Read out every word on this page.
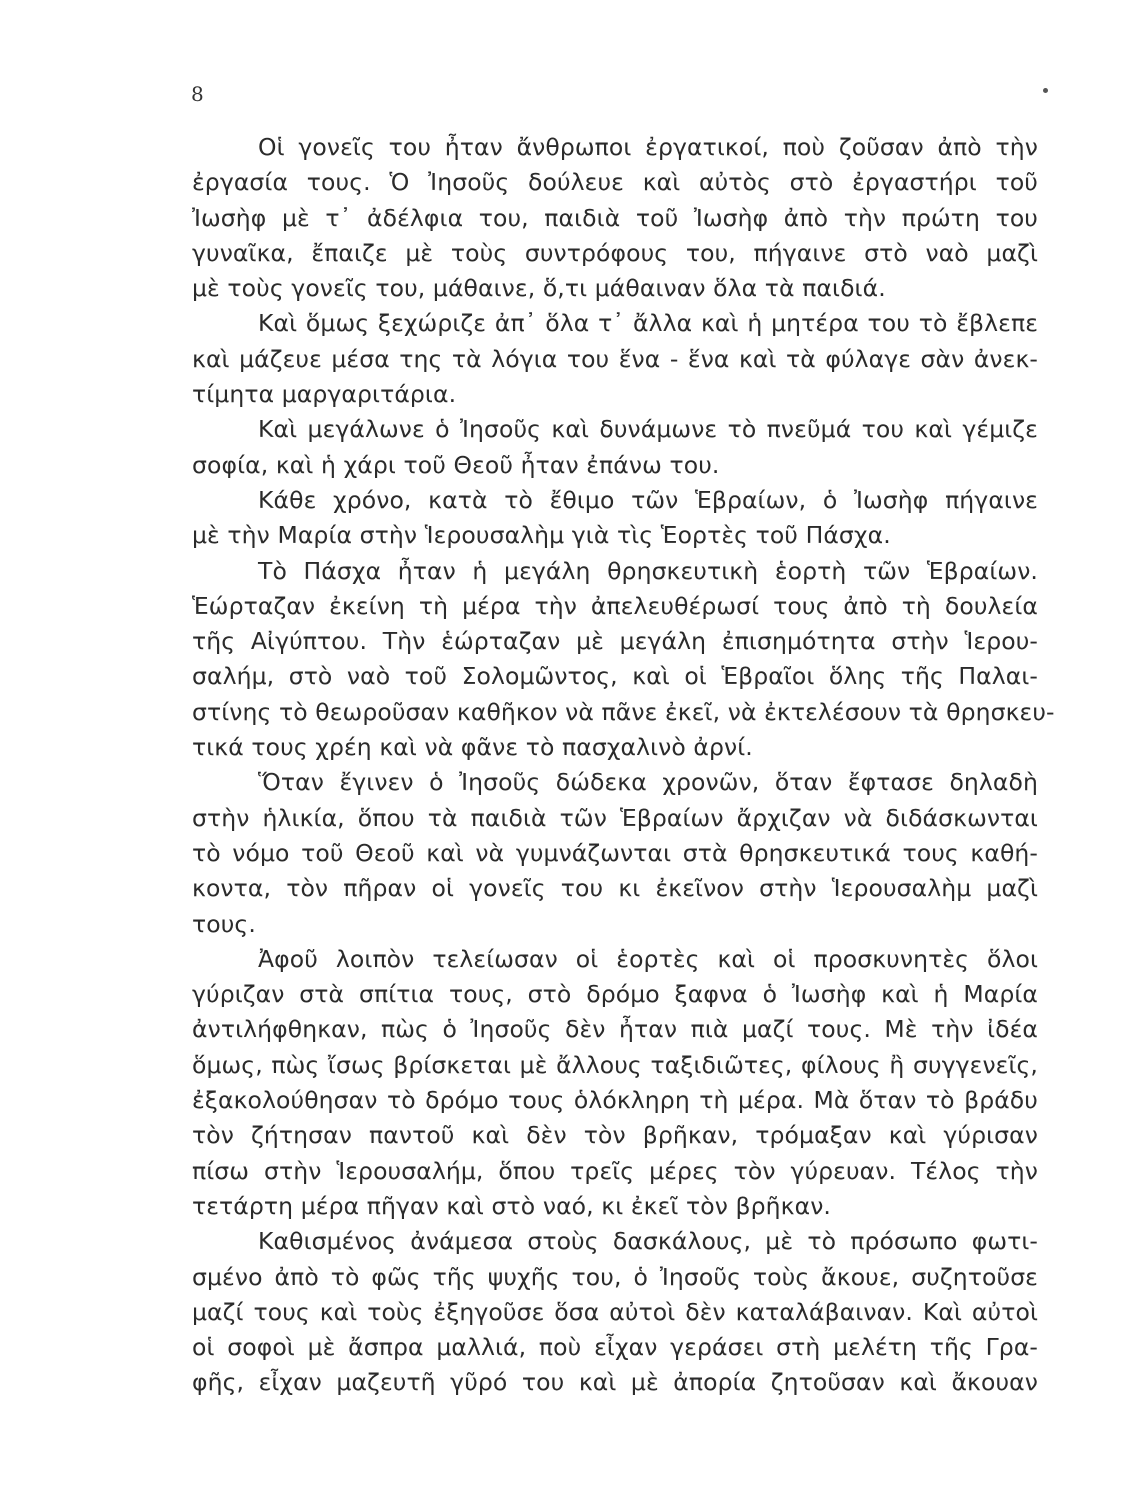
8
Οἱ γονεῖς του ἦταν ἄνθρωποι ἐργατικοί, ποὺ ζοῦσαν ἀπὸ τὴν
ἐργασία τους. Ὁ Ἰησοῦς δούλευε καὶ αὐτὸς στὸ ἐργαστήρι τοῦ
Ἰωσὴφ μὲ τ᾽ ἀδέλφια του, παιδιὰ τοῦ Ἰωσὴφ ἀπὸ τὴν πρώτη του
γυναῖκα, ἔπαιζε μὲ τοὺς συντρόφους του, πήγαινε στὸ ναὸ μαζὶ
μὲ τοὺς γονεῖς του, μάθαινε, ὅ,τι μάθαιναν ὅλα τὰ παιδιά.
Καὶ ὅμως ξεχώριζε ἀπ᾽ ὅλα τ᾽ ἄλλα καὶ ἡ μητέρα του τὸ ἔβλεπε
καὶ μάζευε μέσα της τὰ λόγια του ἕνα - ἕνα καὶ τὰ φύλαγε σὰν ἀνεκ-
τίμητα μαργαριτάρια.
Καὶ μεγάλωνε ὁ Ἰησοῦς καὶ δυνάμωνε τὸ πνεῦμά του καὶ γέμιζε
σοφία, καὶ ἡ χάρι τοῦ Θεοῦ ἦταν ἐπάνω του.
Κάθε χρόνο, κατὰ τὸ ἔθιμο τῶν Ἑβραίων, ὁ Ἰωσὴφ πήγαινε
μὲ τὴν Μαρία στὴν Ἱερουσαλὴμ γιὰ τὶς Ἑορτὲς τοῦ Πάσχα.
Τὸ Πάσχα ἦταν ἡ μεγάλη θρησκευτικὴ ἑορτὴ τῶν Ἑβραίων.
Ἑώρταζαν ἐκείνη τὴ μέρα τὴν ἀπελευθέρωσί τους ἀπὸ τὴ δουλεία
τῆς Αἰγύπτου. Τὴν ἑώρταζαν μὲ μεγάλη ἐπισημότητα στὴν Ἱερου-
σαλήμ, στὸ ναὸ τοῦ Σολομῶντος, καὶ οἱ Ἑβραῖοι ὅλης τῆς Παλαι-
στίνης τὸ θεωροῦσαν καθῆκον νὰ πᾶνε ἐκεῖ, νὰ ἐκτελέσουν τὰ θρησκευ-
τικά τους χρέη καὶ νὰ φᾶνε τὸ πασχαλινὸ ἀρνί.
Ὅταν ἔγινεν ὁ Ἰησοῦς δώδεκα χρονῶν, ὅταν ἔφτασε δηλαδὴ
στὴν ἡλικία, ὅπου τὰ παιδιὰ τῶν Ἑβραίων ἄρχιζαν νὰ διδάσκωνται
τὸ νόμο τοῦ Θεοῦ καὶ νὰ γυμνάζωνται στὰ θρησκευτικά τους καθή-
κοντα, τὸν πῆραν οἱ γονεῖς του κι ἐκεῖνον στὴν Ἱερουσαλὴμ μαζὶ
τους.
Ἀφοῦ λοιπὸν τελείωσαν οἱ ἑορτὲς καὶ οἱ προσκυνητὲς ὅλοι
γύριζαν στὰ σπίτια τους, στὸ δρόμο ξαφνα ὁ Ἰωσὴφ καὶ ἡ Μαρία
ἀντιλήφθηκαν, πὼς ὁ Ἰησοῦς δὲν ἦταν πιὰ μαζί τους. Μὲ τὴν ἰδέα
ὅμως, πὼς ἴσως βρίσκεται μὲ ἄλλους ταξιδιῶτες, φίλους ἢ συγγενεῖς,
ἐξακολούθησαν τὸ δρόμο τους ὁλόκληρη τὴ μέρα. Μὰ ὅταν τὸ βράδυ
τὸν ζήτησαν παντοῦ καὶ δὲν τὸν βρῆκαν, τρόμαξαν καὶ γύρισαν
πίσω στὴν Ἱερουσαλήμ, ὅπου τρεῖς μέρες τὸν γύρευαν. Τέλος τὴν
τετάρτη μέρα πῆγαν καὶ στὸ ναό, κι ἐκεῖ τὸν βρῆκαν.
Καθισμένος ἀνάμεσα στοὺς δασκάλους, μὲ τὸ πρόσωπο φωτι-
σμένο ἀπὸ τὸ φῶς τῆς ψυχῆς του, ὁ Ἰησοῦς τοὺς ἄκουε, συζητοῦσε
μαζί τους καὶ τοὺς ἐξηγοῦσε ὅσα αὐτοὶ δὲν καταλάβαιναν. Καὶ αὐτοὶ
οἱ σοφοὶ μὲ ἄσπρα μαλλιά, ποὺ εἶχαν γεράσει στὴ μελέτη τῆς Γρα-
φῆς, εἶχαν μαζευτῆ γῦρό του καὶ μὲ ἀπορία ζητοῦσαν καὶ ἄκουαν
